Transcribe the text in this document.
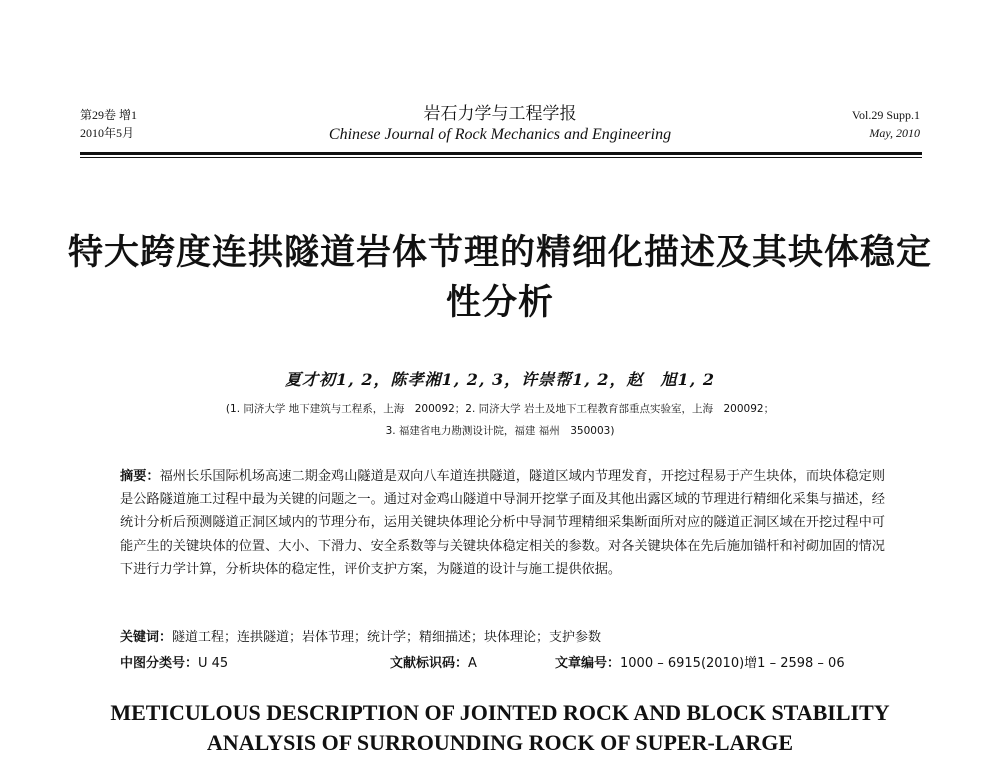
第29卷 增1
2010年5月
岩石力学与工程学报
Chinese Journal of Rock Mechanics and Engineering
Vol.29 Supp.1
May, 2010
特大跨度连拱隧道岩体节理的精细化描述及其块体稳定性分析
夏才初1, 2，陈孝湘1, 2, 3，许崇帮1, 2，赵　旭1, 2
(1. 同济大学 地下建筑与工程系，上海　200092；2. 同济大学 岩土及地下工程教育部重点实验室，上海　200092；
3. 福建省电力勘测设计院，福建 福州　350003)
摘要：福州长乐国际机场高速二期金鸡山隧道是双向八车道连拱隧道，隧道区域内节理发育，开挖过程易于产生块体，而块体稳定则是公路隧道施工过程中最为关键的问题之一。通过对金鸡山隧道中导洞开挖掌子面及其他出露区域的节理进行精细化采集与描述，经统计分析后预测隧道正洞区域内的节理分布，运用关键块体理论分析中导洞节理精细采集断面所对应的隧道正洞区域在开挖过程中可能产生的关键块体的位置、大小、下滑力、安全系数等与关键块体稳定相关的参数。对各关键块体在先后施加锚杆和衬砌加固的情况下进行力学计算，分析块体的稳定性，评价支护方案，为隧道的设计与施工提供依据。
关键词：隧道工程；连拱隧道；岩体节理；统计学；精细描述；块体理论；支护参数
中图分类号：U 45	文献标识码：A	文章编号：1000 – 6915(2010)增1 – 2598 – 06
METICULOUS DESCRIPTION OF JOINTED ROCK AND BLOCK STABILITY ANALYSIS OF SURROUNDING ROCK OF SUPER-LARGE
